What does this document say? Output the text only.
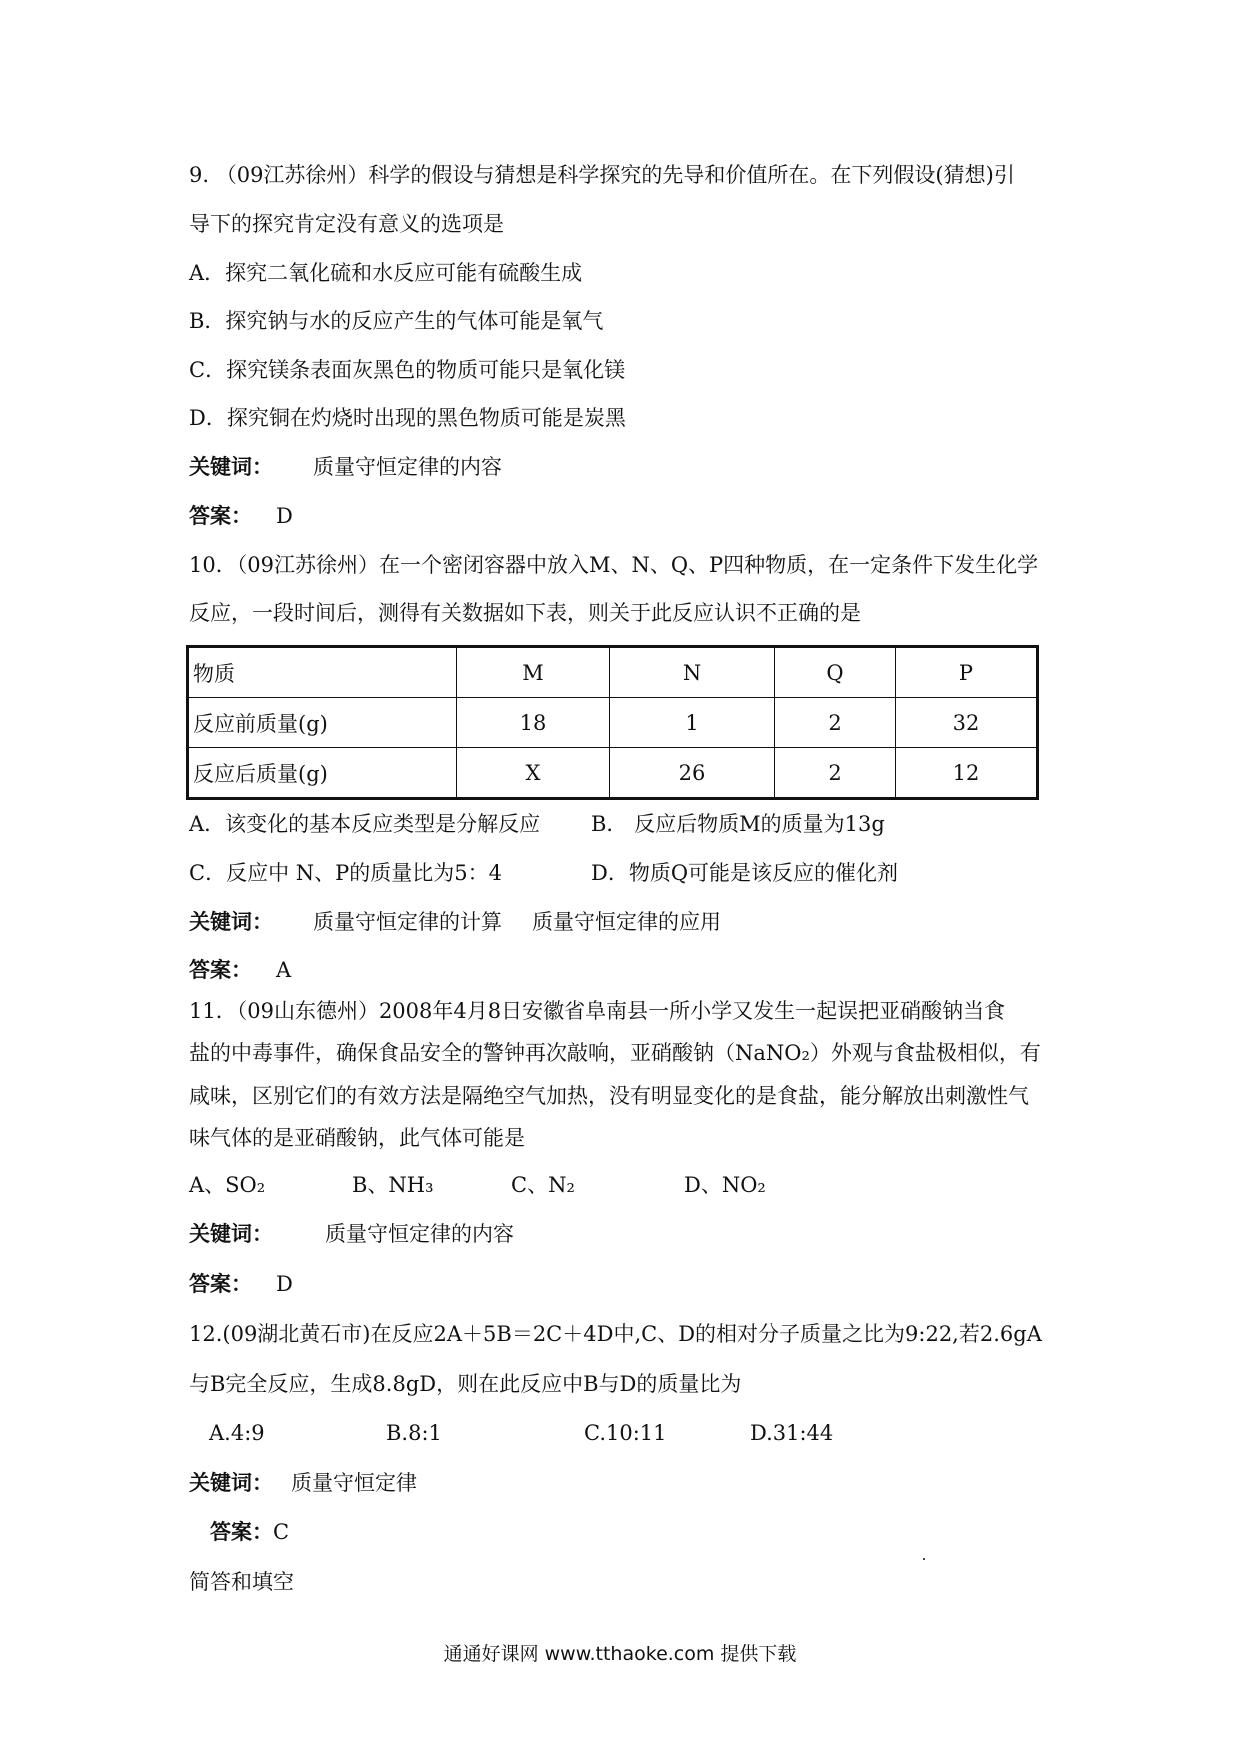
9. （09江苏徐州）科学的假设与猜想是科学探究的先导和价值所在。在下列假设(猜想)引
导下的探究肯定没有意义的选项是
A．探究二氧化硫和水反应可能有硫酸生成
B．探究钠与水的反应产生的气体可能是氧气
C．探究镁条表面灰黑色的物质可能只是氧化镁
D．探究铜在灼烧时出现的黑色物质可能是炭黑
关键词： 质量守恒定律的内容
答案： D
10．（09江苏徐州）在一个密闭容器中放入M、N、Q、P四种物质，在一定条件下发生化学
反应，一段时间后，测得有关数据如下表，则关于此反应认识不正确的是
物质	M	N	Q	P
反应前质量(g)	18	1	2	32
反应后质量(g)	X	26	2	12
A．该变化的基本反应类型是分解反应 B． 反应后物质M的质量为13g
C．反应中 N、P的质量比为5：4	D．物质Q可能是该反应的催化剂
关键词： 质量守恒定律的计算 质量守恒定律的应用
答案： A
11．（09山东德州）2008年4月8日安徽省阜南县一所小学又发生一起误把亚硝酸钠当食
盐的中毒事件，确保食品安全的警钟再次敲响，亚硝酸钠（NaNO₂）外观与食盐极相似，有
咸味，区别它们的有效方法是隔绝空气加热，没有明显变化的是食盐，能分解放出刺激性气
味气体的是亚硝酸钠，此气体可能是
A、SO₂	B、NH₃	C、N₂	D、NO₂
关键词： 质量守恒定律的内容
答案： D
12.(09湖北黄石市)在反应2A＋5B＝2C＋4D中,C、D的相对分子质量之比为9:22,若2.6gA
与B完全反应，生成8.8gD，则在此反应中B与D的质量比为
A.4:9	B.8:1	C.10:11	D.31:44
关键词： 质量守恒定律
答案：C
简答和填空
通通好课网 www.tthaoke.com 提供下载
